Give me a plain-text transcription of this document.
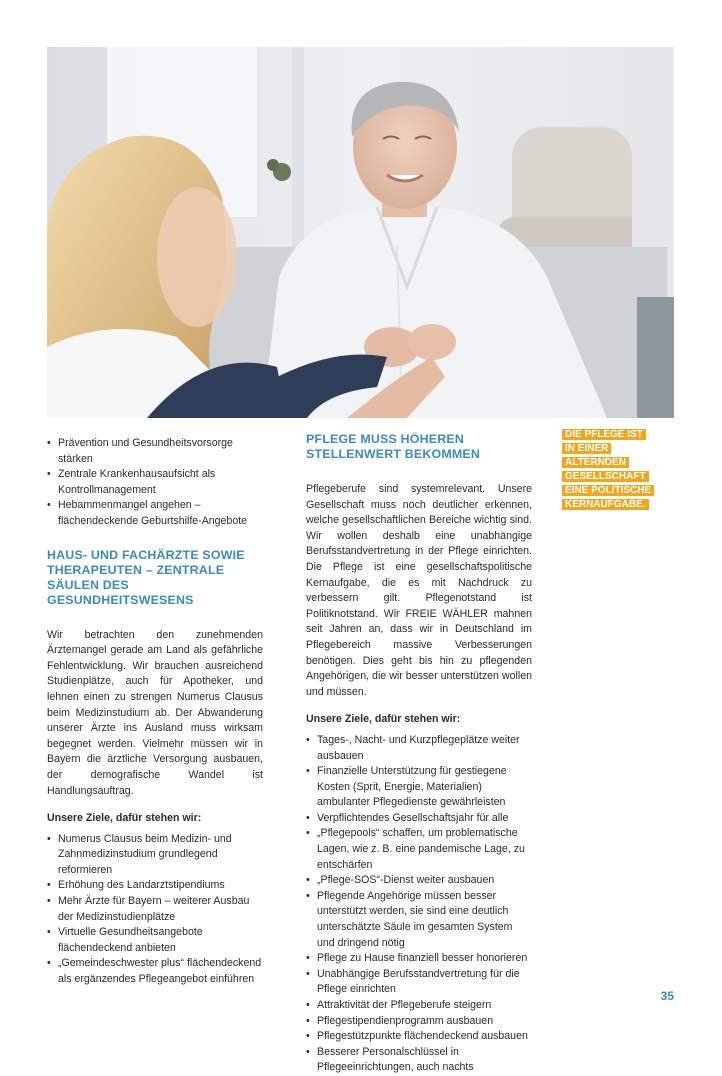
• Prävention und Gesundheitsvorsorge stärken
• Zentrale Krankenhausaufsicht als Kontrollmanagement
• Hebammenmangel angehen – flächendeckende Geburtshilfe-Angebote
HAUS- UND FACHÄRZTE SOWIE THERAPEUTEN – ZENTRALE SÄULEN DES GESUNDHEITSWESENS

Wir betrachten den zunehmenden Ärztemangel gerade am Land als gefährliche Fehlentwicklung. Wir brauchen ausreichend Studienplätze, auch für Apotheker, und lehnen einen zu strengen Numerus Clausus beim Medizinstudium ab. Der Abwanderung unserer Ärzte ins Ausland muss wirksam begegnet werden. Vielmehr müssen wir in Bayern die ärztliche Versorgung ausbauen, der demografische Wandel ist Handlungsauftrag.

Unsere Ziele, dafür stehen wir:
• Numerus Clausus beim Medizin- und Zahnmedizinstudium grundlegend reformieren
• Erhöhung des Landarztstipendiums
• Mehr Ärzte für Bayern – weiterer Ausbau der Medizinstudienplätze
• Virtuelle Gesundheitsangebote flächendeckend anbieten
• „Gemeindeschwester plus“ flächendeckend als ergänzendes Pflegeangebot einführen
PFLEGE MUSS HÖHEREN STELLENWERT BEKOMMEN

Pflegeberufe sind systemrelevant. Unsere Gesellschaft muss noch deutlicher erkennen, welche gesellschaftlichen Bereiche wichtig sind. Wir wollen deshalb eine unabhängige Berufsstandvertretung in der Pflege einrichten. Die Pflege ist eine gesellschaftspolitische Kernaufgabe, die es mit Nachdruck zu verbessern gilt. Pflegenotstand ist Politiknotstand. Wir FREIE WÄHLER mahnen seit Jahren an, dass wir in Deutschland im Pflegebereich massive Verbesserungen benötigen. Dies geht bis hin zu pflegenden Angehörigen, die wir besser unterstützen wollen und müssen.

Unsere Ziele, dafür stehen wir:
• Tages-, Nacht- und Kurzpflegeplätze weiter ausbauen
• Finanzielle Unterstützung für gestiegene Kosten (Sprit, Energie, Materialien) ambulanter Pflegedienste gewährleisten
• Verpflichtendes Gesellschaftsjahr für alle
• „Pflegepools“ schaffen, um problematische Lagen, wie z. B. eine pandemische Lage, zu entschärfen
• „Pflege-SOS“-Dienst weiter ausbauen
• Pflegende Angehörige müssen besser unterstützt werden, sie sind eine deutlich unterschätzte Säule im gesamten System und dringend nötig
• Pflege zu Hause finanziell besser honorieren
• Unabhängige Berufsstandvertretung für die Pflege einrichten
• Attraktivität der Pflegeberufe steigern
• Pflegestipendienprogramm ausbauen
• Pflegestützpunkte flächendeckend ausbauen
• Besserer Personalschlüssel in Pflegeeinrichtungen, auch nachts
DIE PFLEGE IST IN EINER ALTERNDEN GESELLSCHAFT EINE POLITISCHE KERNAUFGABE.
35
